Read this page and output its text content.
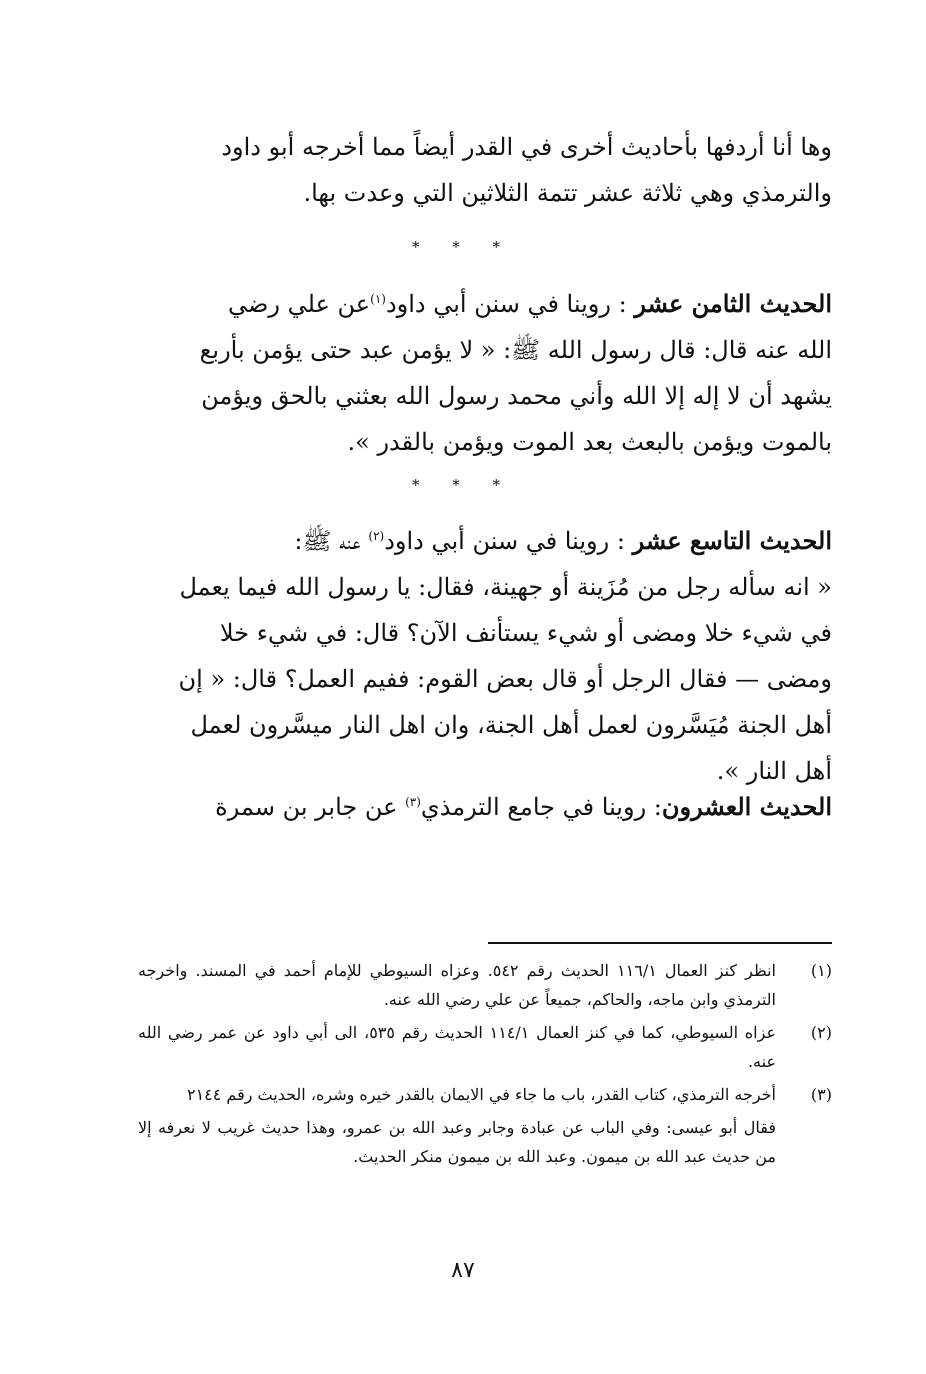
وها أنا أردفها بأحاديث أخرى في القدر أيضاً مما أخرجه أبو داود
والترمذي وهي ثلاثة عشر تتمة الثلاثين التي وعدت بها.
* * *
الحديث الثامن عشر : روينا في سنن أبي داود$^{(١)}$عن علي رضي
الله عنه قال: قال رسول الله ﷺ: « لا يؤمن عبد حتى يؤمن بأربع
يشهد أن لا إله إلا الله وأني محمد رسول الله بعثني بالحق ويؤمن
بالموت ويؤمن بالبعث بعد الموت ويؤمن بالقدر ».
* * *
الحديث التاسع عشر : روينا في سنن أبي داود$^{(٢)}$ عنه ﷺ:
« انه سأله رجل من مُزَينة أو جهينة، فقال: يا رسول الله فيما يعمل
في شيء خلا ومضى أو شيء يستأنف الآن؟ قال: في شيء خلا
ومضى — فقال الرجل أو قال بعض القوم: ففيم العمل؟ قال: « إن
أهل الجنة مُيَسَّرون لعمل أهل الجنة، وان اهل النار ميسَّرون لعمل
أهل النار ».
الحديث العشرون: روينا في جامع الترمذي$^{(٣)}$ عن جابر بن سمرة
(١)
انظر كنز العمال ١١٦/١ الحديث رقم ٥٤٢. وعزاه السيوطي للإمام أحمد في المسند. واخرجه الترمذي وابن ماجه، والحاكم، جميعاً عن علي رضي الله عنه.
(٢)
عزاه السيوطي، كما في كنز العمال ١١٤/١ الحديث رقم ٥٣٥، الى أبي داود عن عمر رضي الله عنه.
(٣)
أخرجه الترمذي، كتاب القدر، باب ما جاء في الايمان بالقدر خيره وشره، الحديث رقم ٢١٤٤
فقال أبو عيسى: وفي الباب عن عبادة وجابر وعبد الله بن عمرو، وهذا حديث غريب لا نعرفه إلا من حديث عبد الله بن ميمون. وعبد الله بن ميمون منكر الحديث.
٨٧
